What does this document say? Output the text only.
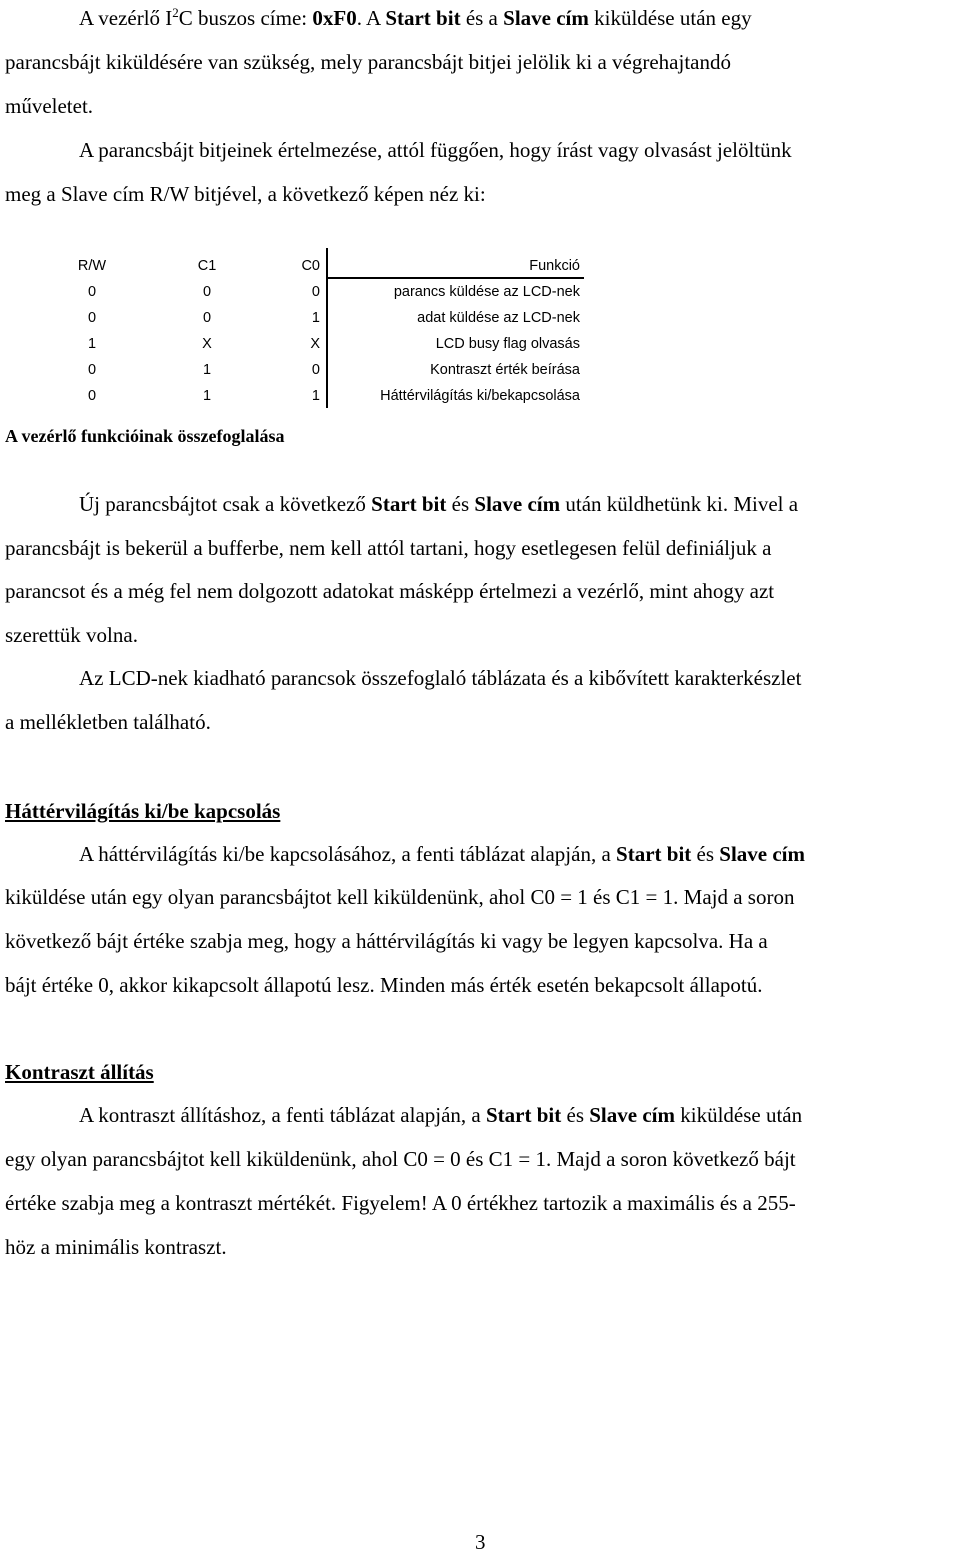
A vezérlő $I^2C$ buszos címe: 0xF0. A Start bit és a Slave cím kiküldése után egy
parancsbájt kiküldésére van szükség, mely parancsbájt bitjei jelölik ki a végrehajtandó
műveletet.
A parancsbájt bitjeinek értelmezése, attól függően, hogy írást vagy olvasást jelöltünk
meg a Slave cím R/W bitjével, a következő képen néz ki:
R/W	C1	C0	Funkció
0	0	0	parancs küldése az LCD-nek
0	0	1	adat küldése az LCD-nek
1	X	X	LCD busy flag olvasás
0	1	0	Kontraszt érték beírása
0	1	1	Háttérvilágítás ki/bekapcsolása
A vezérlő funkcióinak összefoglalása
Új parancsbájtot csak a következő Start bit és Slave cím után küldhetünk ki. Mivel a
parancsbájt is bekerül a bufferbe, nem kell attól tartani, hogy esetlegesen felül definiáljuk a
parancsot és a még fel nem dolgozott adatokat másképp értelmezi a vezérlő, mint ahogy azt
szerettük volna.
Az LCD-nek kiadható parancsok összefoglaló táblázata és a kibővített karakterkészlet
a mellékletben található.
Háttérvilágítás ki/be kapcsolás
A háttérvilágítás ki/be kapcsolásához, a fenti táblázat alapján, a Start bit és Slave cím
kiküldése után egy olyan parancsbájtot kell kiküldenünk, ahol C0 = 1 és C1 = 1. Majd a soron
következő bájt értéke szabja meg, hogy a háttérvilágítás ki vagy be legyen kapcsolva. Ha a
bájt értéke 0, akkor kikapcsolt állapotú lesz. Minden más érték esetén bekapcsolt állapotú.
Kontraszt állítás
A kontraszt állításhoz, a fenti táblázat alapján, a Start bit és Slave cím kiküldése után
egy olyan parancsbájtot kell kiküldenünk, ahol C0 = 0 és C1 = 1. Majd a soron következő bájt
értéke szabja meg a kontraszt mértékét. Figyelem! A 0 értékhez tartozik a maximális és a 255-
höz a minimális kontraszt.
3
